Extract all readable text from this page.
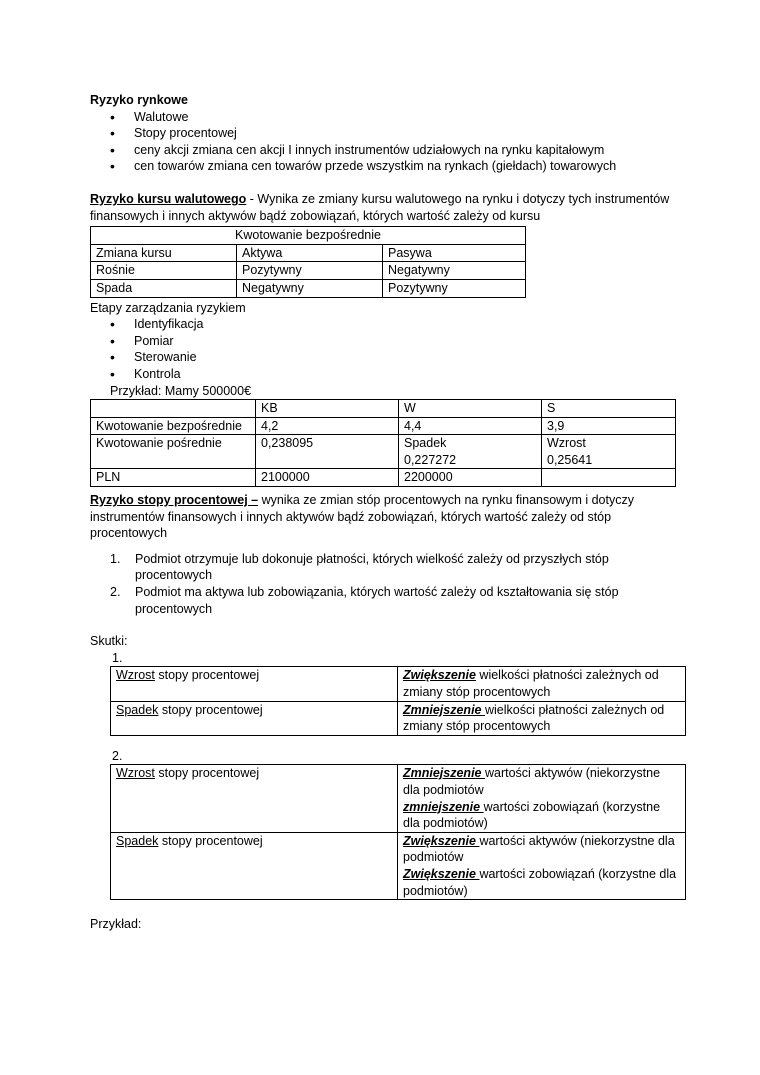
Ryzyko rynkowe

• Walutowe
• Stopy procentowej
• ceny akcji zmiana cen akcji I innych instrumentów udziałowych na rynku kapitałowym
• cen towarów zmiana cen towarów przede wszystkim na rynkach (giełdach) towarowych

Ryzyko kursu walutowego - Wynika ze zmiany kursu walutowego na rynku i dotyczy tych instrumentów finansowych i innych aktywów bądź zobowiązań, których wartość zależy od kursu

Kwotowanie bezpośrednie		
Zmiana kursu	Aktywa	Pasywa
Rośnie	Pozytywny	Negatywny
Spada	Negatywny	Pozytywny

Etapy zarządzania ryzykiem

• Identyfikacja
• Pomiar
• Sterowanie
• Kontrola

Przykład: Mamy 500000€

	KB	W	S
Kwotowanie bezpośrednie	4,2	4,4	3,9
Kwotowanie pośrednie	0,238095	Spadek 0,227272	Wzrost 0,25641
PLN	2100000	2200000	

Ryzyko stopy procentowej – wynika ze zmian stóp procentowych na rynku finansowym i dotyczy instrumentów finansowych i innych aktywów bądź zobowiązań, których wartość zależy od stóp procentowych

1. Podmiot otrzymuje lub dokonuje płatności, których wielkość zależy od przyszłych stóp procentowych
2. Podmiot ma aktywa lub zobowiązania, których wartość zależy od kształtowania się stóp procentowych

Skutki:

1.

Wzrost stopy procentowej	Zwiększenie wielkości płatności zależnych od zmiany stóp procentowych
Spadek stopy procentowej	Zmniejszenie wielkości płatności zależnych od zmiany stóp procentowych

2.

Wzrost stopy procentowej	Zmniejszenie wartości aktywów (niekorzystne dla podmiotów
zmniejszenie wartości zobowiązań (korzystne dla podmiotów)

Spadek stopy procentowej	Zwiększenie wartości aktywów (niekorzystne dla podmiotów
Zwiększenie wartości zobowiązań (korzystne dla podmiotów)

Przykład:
